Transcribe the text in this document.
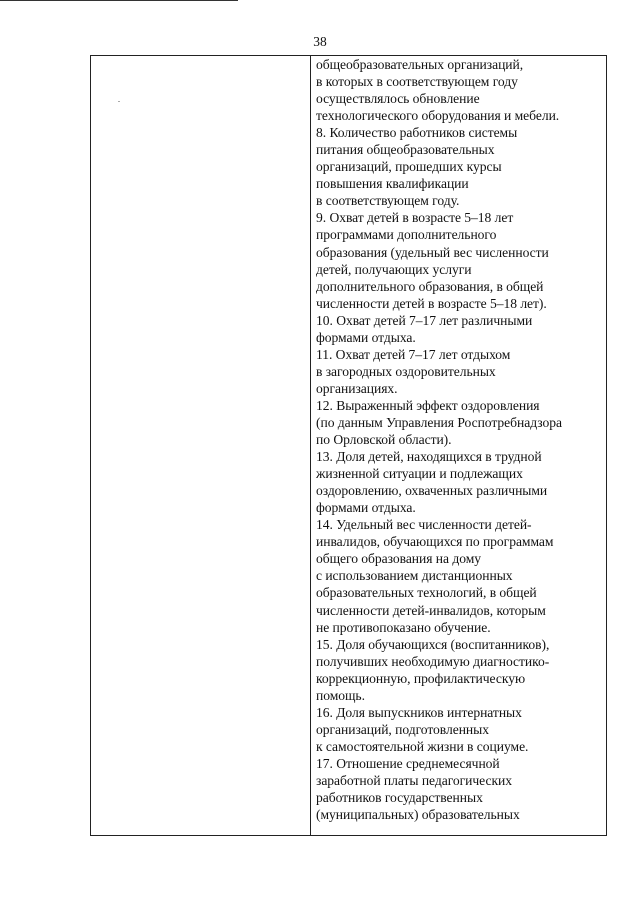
38
общеобразовательных организаций,
в которых в соответствующем году
осуществлялось обновление
технологического оборудования и мебели.
8. Количество работников системы
питания общеобразовательных
организаций, прошедших курсы
повышения квалификации
в соответствующем году.
9. Охват детей в возрасте 5–18 лет
программами дополнительного
образования (удельный вес численности
детей, получающих услуги
дополнительного образования, в общей
численности детей в возрасте 5–18 лет).
10. Охват детей 7–17 лет различными
формами отдыха.
11. Охват детей 7–17 лет отдыхом
в загородных оздоровительных
организациях.
12. Выраженный эффект оздоровления
(по данным Управления Роспотребнадзора
по Орловской области).
13. Доля детей, находящихся в трудной
жизненной ситуации и подлежащих
оздоровлению, охваченных различными
формами отдыха.
14. Удельный вес численности детей-
инвалидов, обучающихся по программам
общего образования на дому
с использованием дистанционных
образовательных технологий, в общей
численности детей-инвалидов, которым
не противопоказано обучение.
15. Доля обучающихся (воспитанников),
получивших необходимую диагностико-
коррекционную, профилактическую
помощь.
16. Доля выпускников интернатных
организаций, подготовленных
к самостоятельной жизни в социуме.
17. Отношение среднемесячной
заработной платы педагогических
работников государственных
(муниципальных) образовательных
